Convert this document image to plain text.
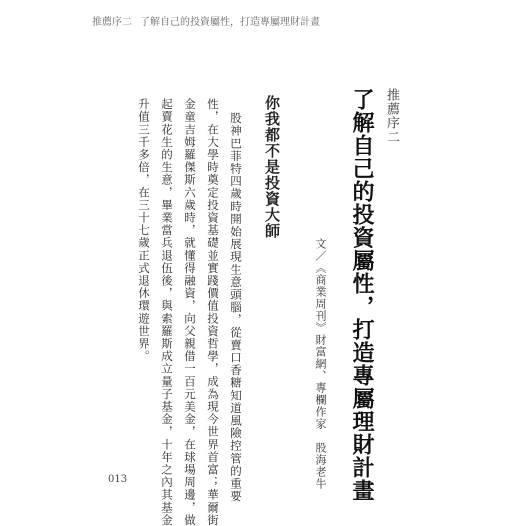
推薦序二 了解自己的投資屬性，打造專屬理財計畫
推薦序二
了解自己的投資屬性，打造專屬理財計畫
文／《商業周刊》財富網、專欄作家　股海老牛
你我都不是投資大師
股神巴菲特四歲時開始展現生意頭腦，從賣口香糖知道風險控管的重要
性，在大學時奠定投資基礎並實踐價值投資哲學，成為現今世界首富；華爾街
金童吉姆羅傑斯六歲時，就懂得融資，向父親借一百元美金，在球場周邊，做
起賣花生的生意，畢業當兵退伍後，與索羅斯成立量子基金，十年之內其基金
升值三千多倍，在三十七歲正式退休環遊世界。
013
